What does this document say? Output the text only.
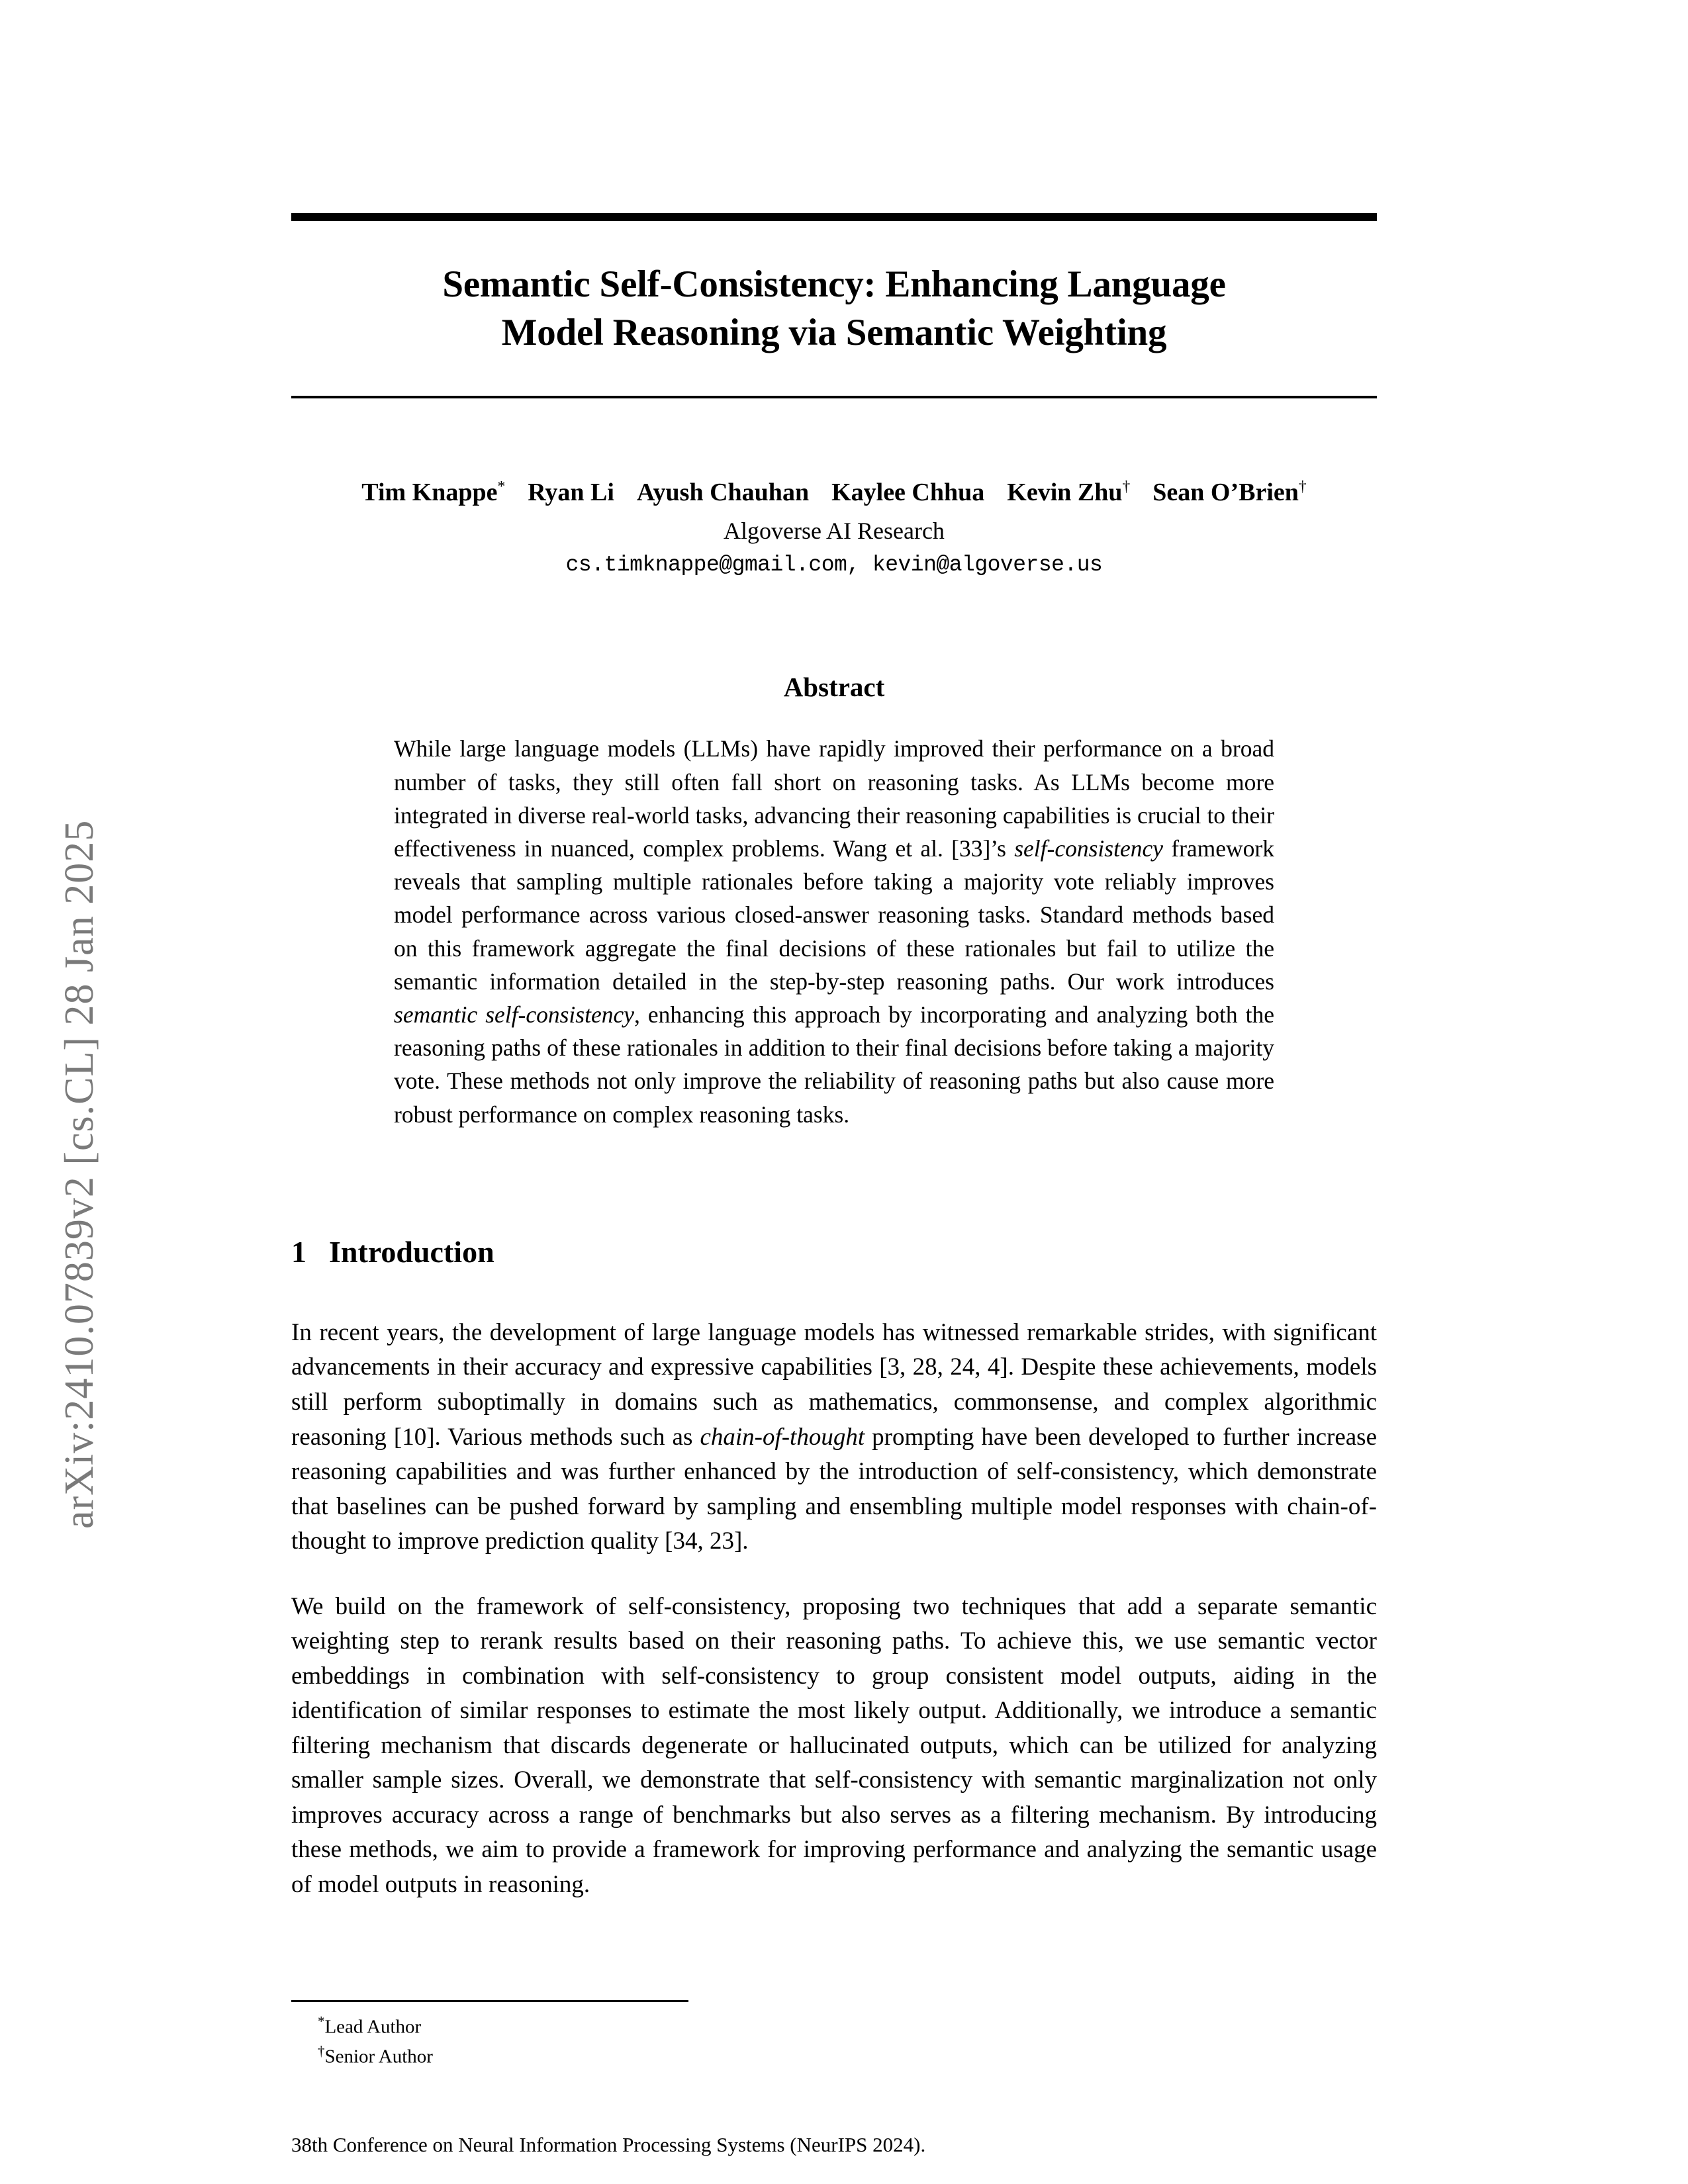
arXiv:2410.07839v2 [cs.CL] 28 Jan 2025
Semantic Self-Consistency: Enhancing Language
Model Reasoning via Semantic Weighting
Tim Knappe* Ryan Li Ayush Chauhan Kaylee Chhua Kevin Zhu† Sean O’Brien†
Algoverse AI Research
cs.timknappe@gmail.com, kevin@algoverse.us
Abstract
While large language models (LLMs) have rapidly improved their performance on a broad number of tasks, they still often fall short on reasoning tasks. As LLMs become more integrated in diverse real-world tasks, advancing their reasoning capabilities is crucial to their effectiveness in nuanced, complex problems. Wang et al. [33]’s self-consistency framework reveals that sampling multiple rationales before taking a majority vote reliably improves model performance across various closed-answer reasoning tasks. Standard methods based on this framework aggregate the final decisions of these rationales but fail to utilize the semantic information detailed in the step-by-step reasoning paths. Our work introduces semantic self-consistency, enhancing this approach by incorporating and analyzing both the reasoning paths of these rationales in addition to their final decisions before taking a majority vote. These methods not only improve the reliability of reasoning paths but also cause more robust performance on complex reasoning tasks.
1 Introduction
In recent years, the development of large language models has witnessed remarkable strides, with significant advancements in their accuracy and expressive capabilities [3, 28, 24, 4]. Despite these achievements, models still perform suboptimally in domains such as mathematics, commonsense, and complex algorithmic reasoning [10]. Various methods such as chain-of-thought prompting have been developed to further increase reasoning capabilities and was further enhanced by the introduction of self-consistency, which demonstrate that baselines can be pushed forward by sampling and ensembling multiple model responses with chain-of-thought to improve prediction quality [34, 23].
We build on the framework of self-consistency, proposing two techniques that add a separate semantic weighting step to rerank results based on their reasoning paths. To achieve this, we use semantic vector embeddings in combination with self-consistency to group consistent model outputs, aiding in the identification of similar responses to estimate the most likely output. Additionally, we introduce a semantic filtering mechanism that discards degenerate or hallucinated outputs, which can be utilized for analyzing smaller sample sizes. Overall, we demonstrate that self-consistency with semantic marginalization not only improves accuracy across a range of benchmarks but also serves as a filtering mechanism. By introducing these methods, we aim to provide a framework for improving performance and analyzing the semantic usage of model outputs in reasoning.
*Lead Author
†Senior Author
38th Conference on Neural Information Processing Systems (NeurIPS 2024).
